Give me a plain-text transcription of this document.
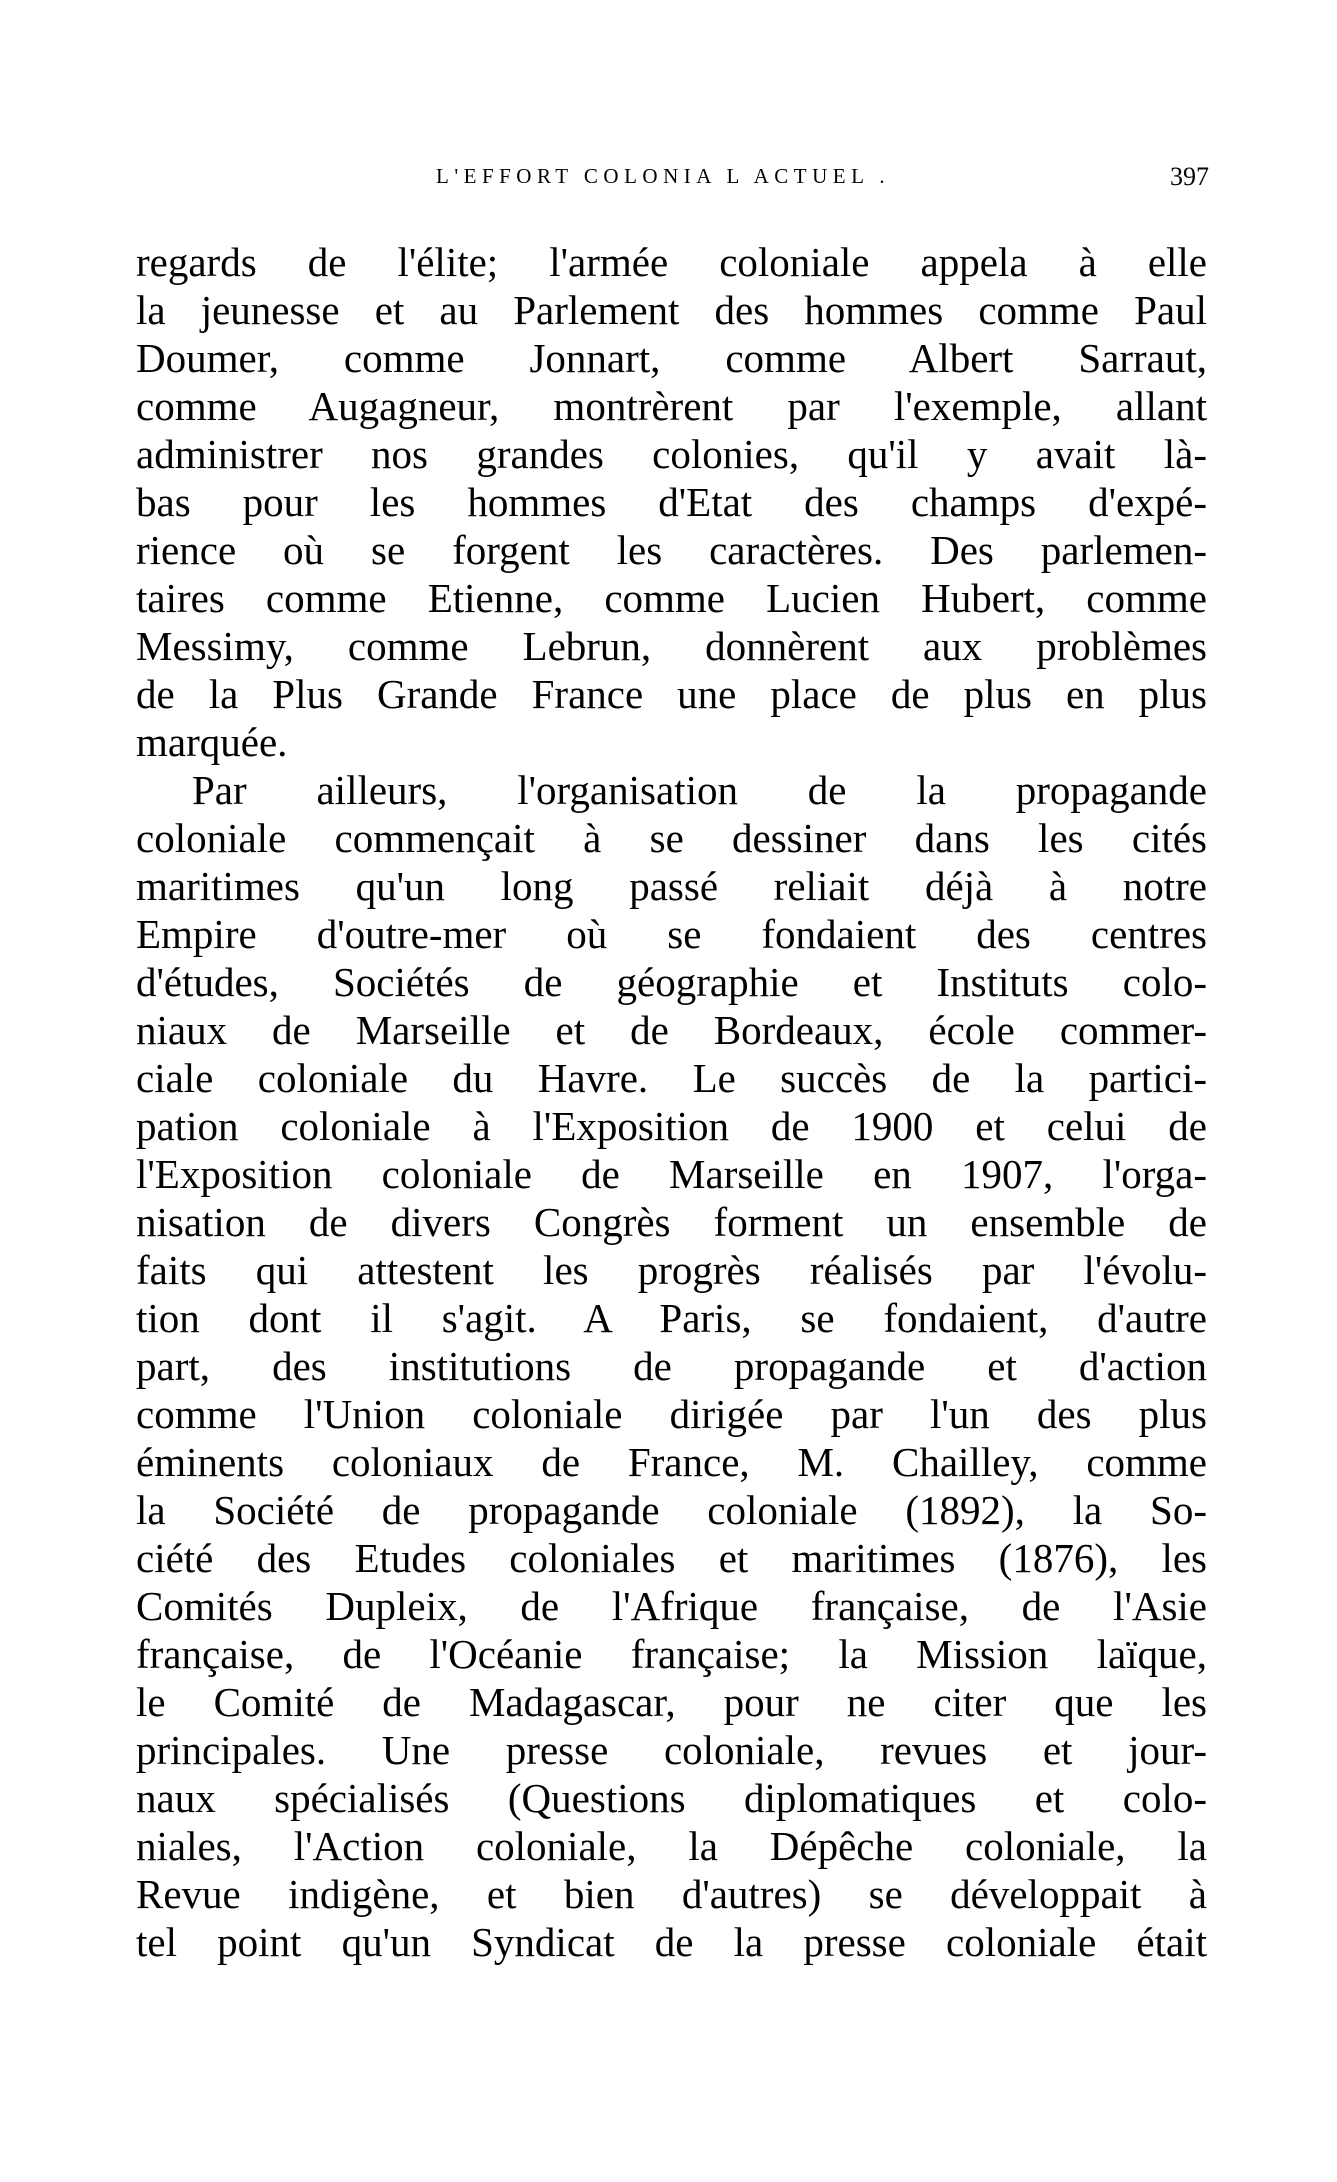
L'EFFORT COLONIA L ACTUEL .	397
regards de l'élite; l'armée coloniale appela à elle
la jeunesse et au Parlement des hommes comme Paul
Doumer, comme Jonnart, comme Albert Sarraut,
comme Augagneur, montrèrent par l'exemple, allant
administrer nos grandes colonies, qu'il y avait là-
bas pour les hommes d'Etat des champs d'expé-
rience où se forgent les caractères. Des parlemen-
taires comme Etienne, comme Lucien Hubert, comme
Messimy, comme Lebrun, donnèrent aux problèmes
de la Plus Grande France une place de plus en plus
marquée.
Par ailleurs, l'organisation de la propagande
coloniale commençait à se dessiner dans les cités
maritimes qu'un long passé reliait déjà à notre
Empire d'outre-mer où se fondaient des centres
d'études, Sociétés de géographie et Instituts colo-
niaux de Marseille et de Bordeaux, école commer-
ciale coloniale du Havre. Le succès de la partici-
pation coloniale à l'Exposition de 1900 et celui de
l'Exposition coloniale de Marseille en 1907, l'orga-
nisation de divers Congrès forment un ensemble de
faits qui attestent les progrès réalisés par l'évolu-
tion dont il s'agit. A Paris, se fondaient, d'autre
part, des institutions de propagande et d'action
comme l'Union coloniale dirigée par l'un des plus
éminents coloniaux de France, M. Chailley, comme
la Société de propagande coloniale (1892), la So-
ciété des Etudes coloniales et maritimes (1876), les
Comités Dupleix, de l'Afrique française, de l'Asie
française, de l'Océanie française; la Mission laïque,
le Comité de Madagascar, pour ne citer que les
principales. Une presse coloniale, revues et jour-
naux spécialisés (Questions diplomatiques et colo-
niales, l'Action coloniale, la Dépêche coloniale, la
Revue indigène, et bien d'autres) se développait à
tel point qu'un Syndicat de la presse coloniale était
